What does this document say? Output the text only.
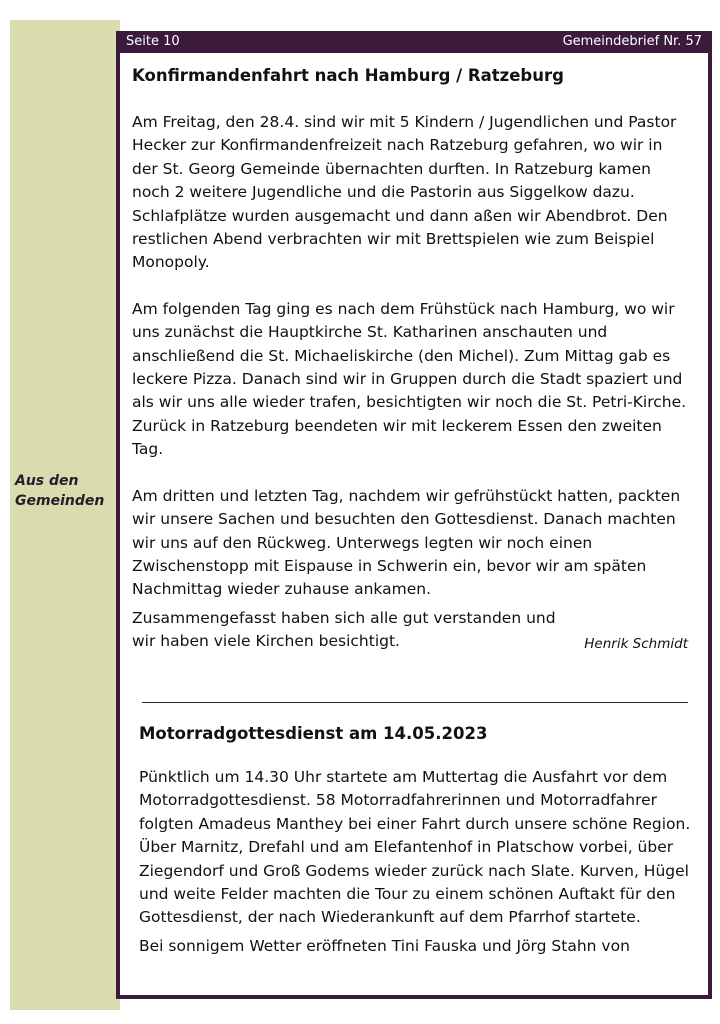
Aus den
Gemeinden
Seite 10	Gemeindebrief Nr. 57

Konfirmandenfahrt nach Hamburg / Ratzeburg

Am Freitag, den 28.4. sind wir mit 5 Kindern / Jugendlichen und Pastor Hecker zur Konfirmandenfreizeit nach Ratzeburg gefahren, wo wir in der St. Georg Gemeinde übernachten durften. In Ratzeburg kamen noch 2 weitere Jugendliche und die Pastorin aus Siggelkow dazu. Schlafplätze wurden ausgemacht und dann aßen wir Abendbrot. Den restlichen Abend verbrachten wir mit Brettspielen wie zum Beispiel Monopoly.

Am folgenden Tag ging es nach dem Frühstück nach Hamburg, wo wir uns zunächst die Hauptkirche St. Katharinen anschauten und anschließend die St. Michaeliskirche (den Michel). Zum Mittag gab es leckere Pizza. Danach sind wir in Gruppen durch die Stadt spaziert und als wir uns alle wieder trafen, besichtigten wir noch die St. Petri-Kirche. Zurück in Ratzeburg beendeten wir mit leckerem Essen den zweiten Tag.

Am dritten und letzten Tag, nachdem wir gefrühstückt hatten, packten wir unsere Sachen und besuchten den Gottesdienst. Danach machten wir uns auf den Rückweg. Unterwegs legten wir noch einen Zwischenstopp mit Eispause in Schwerin ein, bevor wir am späten Nachmittag wieder zuhause ankamen.

Zusammengefasst haben sich alle gut verstanden und wir haben viele Kirchen besichtigt.	Henrik Schmidt

Motorradgottesdienst am 14.05.2023

Pünktlich um 14.30 Uhr startete am Muttertag die Ausfahrt vor dem Motorradgottesdienst. 58 Motorradfahrerinnen und Motorradfahrer folgten Amadeus Manthey bei einer Fahrt durch unsere schöne Region. Über Marnitz, Drefahl und am Elefantenhof in Platschow vorbei, über Ziegendorf und Groß Godems wieder zurück nach Slate. Kurven, Hügel und weite Felder machten die Tour zu einem schönen Auftakt für den Gottesdienst, der nach Wiederankunft auf dem Pfarrhof startete.

Bei sonnigem Wetter eröffneten Tini Fauska und Jörg Stahn von
